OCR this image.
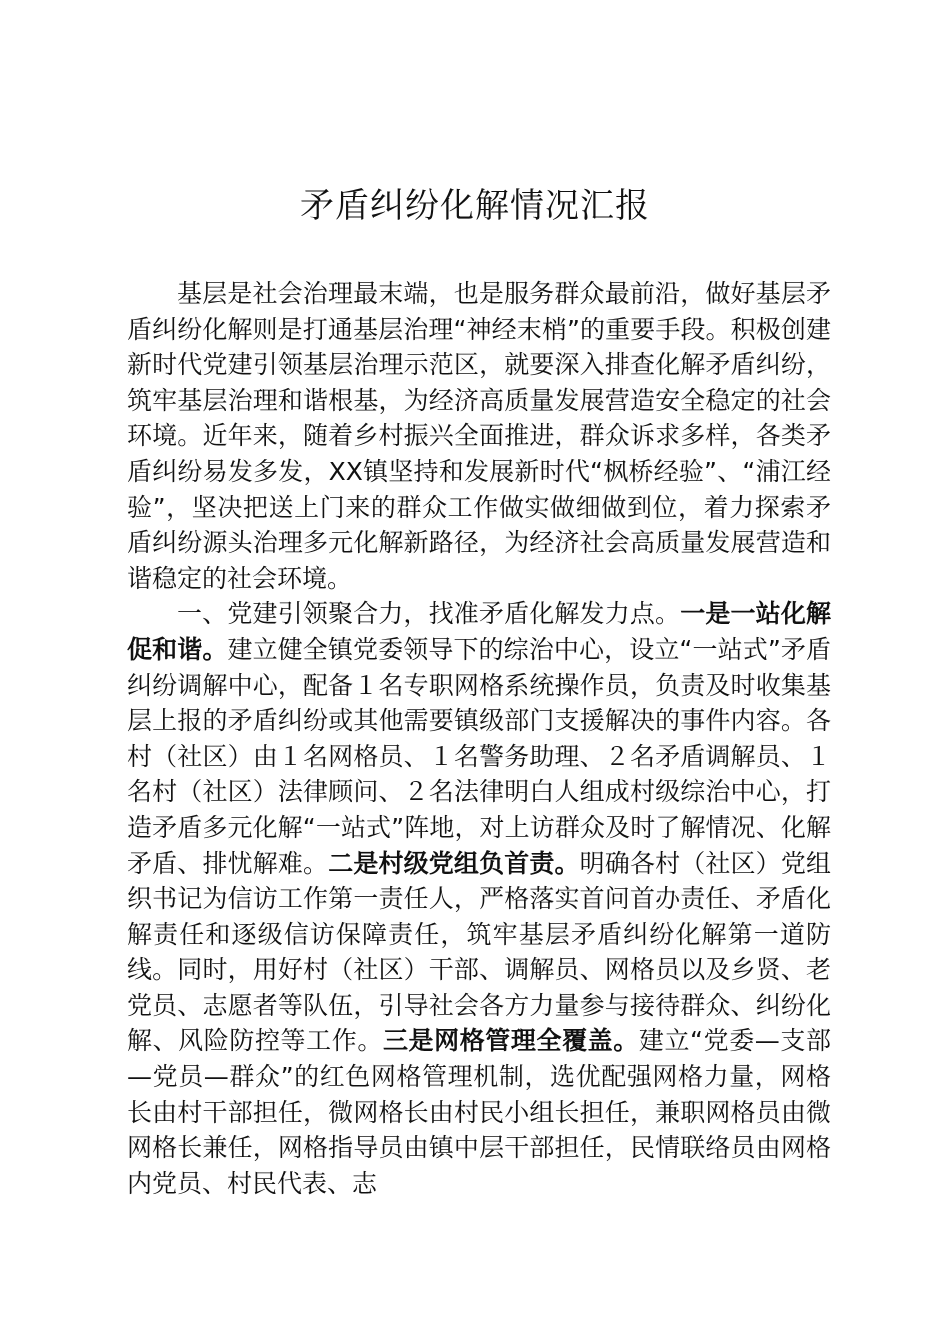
矛盾纠纷化解情况汇报

基层是社会治理最末端，也是服务群众最前沿，做好基层矛盾纠纷化解则是打通基层治理“神经末梢”的重要手段。积极创建新时代党建引领基层治理示范区，就要深入排查化解矛盾纠纷，筑牢基层治理和谐根基，为经济高质量发展营造安全稳定的社会环境。近年来，随着乡村振兴全面推进，群众诉求多样，各类矛盾纠纷易发多发，XX镇坚持和发展新时代“枫桥经验”、“浦江经验”，坚决把送上门来的群众工作做实做细做到位，着力探索矛盾纠纷源头治理多元化解新路径，为经济社会高质量发展营造和谐稳定的社会环境。

一、党建引领聚合力，找准矛盾化解发力点。一是一站化解促和谐。建立健全镇党委领导下的综治中心，设立“一站式”矛盾纠纷调解中心，配备１名专职网格系统操作员，负责及时收集基层上报的矛盾纠纷或其他需要镇级部门支援解决的事件内容。各村（社区）由１名网格员、１名警务助理、２名矛盾调解员、１名村（社区）法律顾问、２名法律明白人组成村级综治中心，打造矛盾多元化解“一站式”阵地，对上访群众及时了解情况、化解矛盾、排忧解难。二是村级党组负首责。明确各村（社区）党组织书记为信访工作第一责任人，严格落实首问首办责任、矛盾化解责任和逐级信访保障责任，筑牢基层矛盾纠纷化解第一道防线。同时，用好村（社区）干部、调解员、网格员以及乡贤、老党员、志愿者等队伍，引导社会各方力量参与接待群众、纠纷化解、风险防控等工作。三是网格管理全覆盖。建立“党委—支部—党员—群众”的红色网格管理机制，选优配强网格力量，网格长由村干部担任，微网格长由村民小组长担任，兼职网格员由微网格长兼任，网格指导员由镇中层干部担任，民情联络员由网格内党员、村民代表、志
